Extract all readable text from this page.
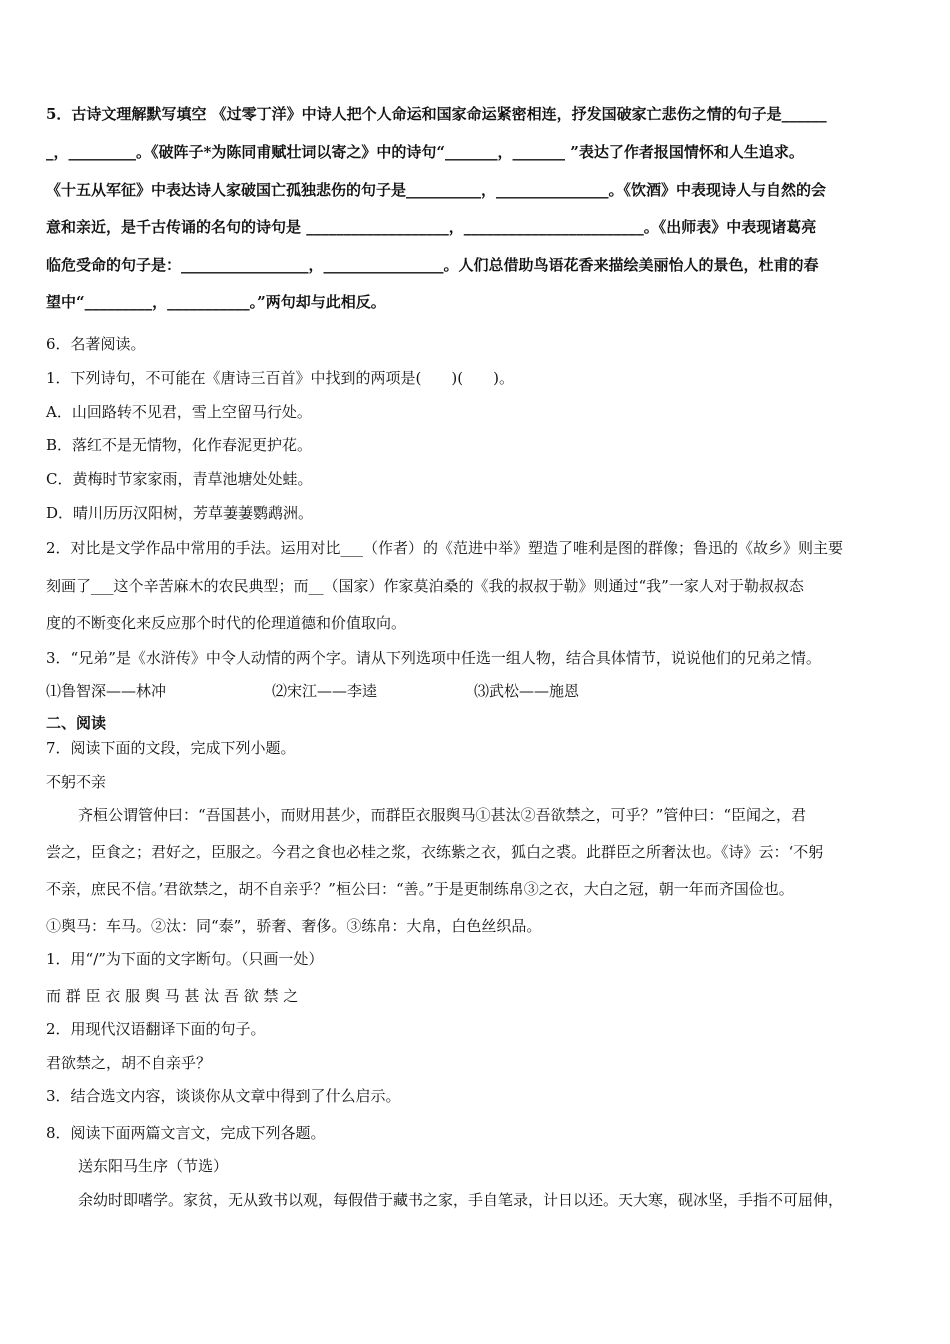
5．古诗文理解默写填空 《过零丁洋》中诗人把个人命运和国家命运紧密相连，抒发国破家亡悲伤之情的句子是______
_，_________。《破阵子*为陈同甫赋壮词以寄之》中的诗句“_______，_______ ”表达了作者报国情怀和人生追求。
《十五从军征》中表达诗人家破国亡孤独悲伤的句子是__________，_______________。《饮酒》中表现诗人与自然的会
意和亲近，是千古传诵的名句的诗句是 ___________________，________________________。《出师表》中表现诸葛亮
临危受命的句子是：_________________，________________。人们总借助鸟语花香来描绘美丽怡人的景色，杜甫的春
望中“_________，___________。”两句却与此相反。
6．名著阅读。
1．下列诗句，不可能在《唐诗三百首》中找到的两项是(　　)(　　)。
A．山回路转不见君，雪上空留马行处。
B．落红不是无情物，化作春泥更护花。
C．黄梅时节家家雨，青草池塘处处蛙。
D．晴川历历汉阳树，芳草萋萋鹦鹉洲。
2．对比是文学作品中常用的手法。运用对比___（作者）的《范进中举》塑造了唯利是图的群像；鲁迅的《故乡》则主要
刻画了___这个辛苦麻木的农民典型；而__（国家）作家莫泊桑的《我的叔叔于勒》则通过“我”一家人对于勒叔叔态
度的不断变化来反应那个时代的伦理道德和价值取向。
3．“兄弟”是《水浒传》中令人动情的两个字。请从下列选项中任选一组人物，结合具体情节，说说他们的兄弟之情。
⑴鲁智深——林冲	⑵宋江——李逵	⑶武松——施恩
二、阅读
7．阅读下面的文段，完成下列小题。
不躬不亲
齐桓公谓管仲曰：“吾国甚小，而财用甚少，而群臣衣服舆马①甚汰②吾欲禁之，可乎？”管仲曰：“臣闻之，君
尝之，臣食之；君好之，臣服之。今君之食也必桂之浆，衣练紫之衣，狐白之裘。此群臣之所奢汰也。《诗》云：‘不躬
不亲，庶民不信。’君欲禁之，胡不自亲乎？”桓公曰：“善。”于是更制练帛③之衣，大白之冠，朝一年而齐国俭也。
①舆马：车马。②汰：同“泰”，骄奢、奢侈。③练帛：大帛，白色丝织品。
1．用“/”为下面的文字断句。（只画一处）
而 群 臣 衣 服 舆 马 甚 汰 吾 欲 禁 之
2．用现代汉语翻译下面的句子。
君欲禁之，胡不自亲乎？
3．结合选文内容，谈谈你从文章中得到了什么启示。
8．阅读下面两篇文言文，完成下列各题。
送东阳马生序（节选）
余幼时即嗜学。家贫，无从致书以观，每假借于藏书之家，手自笔录，计日以还。天大寒，砚冰坚，手指不可屈伸，
